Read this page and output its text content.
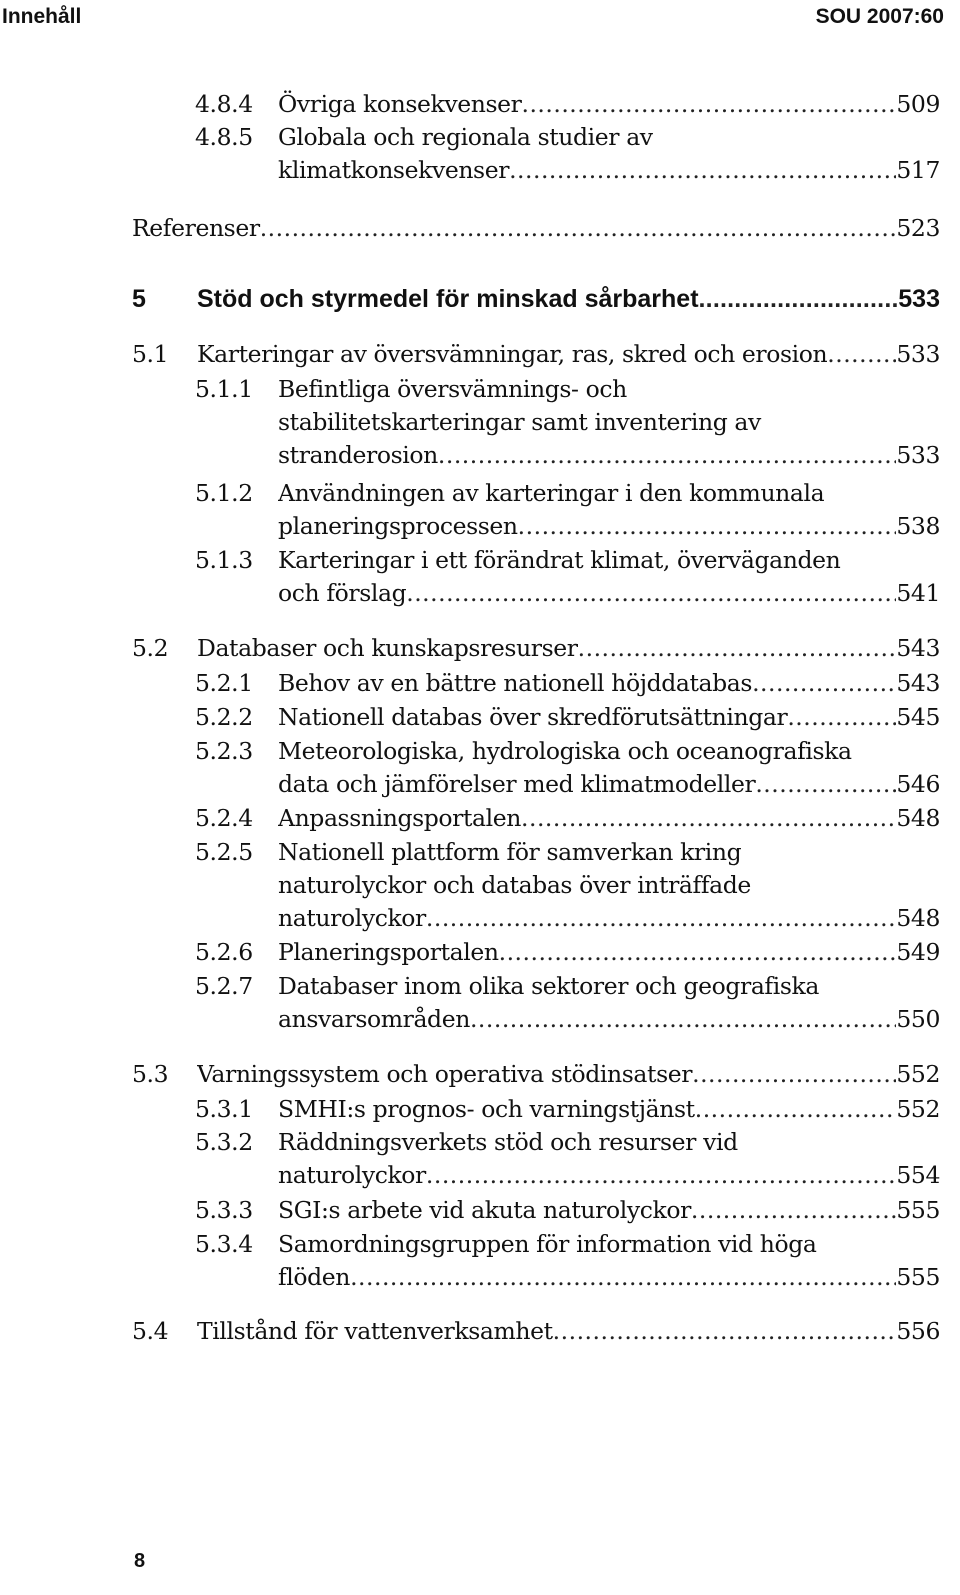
Innehåll	SOU 2007:60
4.8.4 Övriga konsekvenser .....	509
4.8.5 Globala och regionala studier av
klimatkonsekvenser .....	517
Referenser .....	523
5 Stöd och styrmedel för minskad sårbarhet .....	533
5.1 Karteringar av översvämningar, ras, skred och erosion .....	533
5.1.1 Befintliga översvämnings- och
stabilitetskarteringar samt inventering av
stranderosion .....	533
5.1.2 Användningen av karteringar i den kommunala
planeringsprocessen .....	538
5.1.3 Karteringar i ett förändrat klimat, överväganden
och förslag .....	541
5.2 Databaser och kunskapsresurser .....	543
5.2.1 Behov av en bättre nationell höjddatabas .....	543
5.2.2 Nationell databas över skredförutsättningar .....	545
5.2.3 Meteorologiska, hydrologiska och oceanografiska
data och jämförelser med klimatmodeller .....	546
5.2.4 Anpassningsportalen .....	548
5.2.5 Nationell plattform för samverkan kring
naturolyckor och databas över inträffade
naturolyckor .....	548
5.2.6 Planeringsportalen .....	549
5.2.7 Databaser inom olika sektorer och geografiska
ansvarsområden .....	550
5.3 Varningssystem och operativa stödinsatser .....	552
5.3.1 SMHI:s prognos- och varningstjänst .....	552
5.3.2 Räddningsverkets stöd och resurser vid
naturolyckor .....	554
5.3.3 SGI:s arbete vid akuta naturolyckor .....	555
5.3.4 Samordningsgruppen för information vid höga
flöden .....	555
5.4 Tillstånd för vattenverksamhet .....	556
8
